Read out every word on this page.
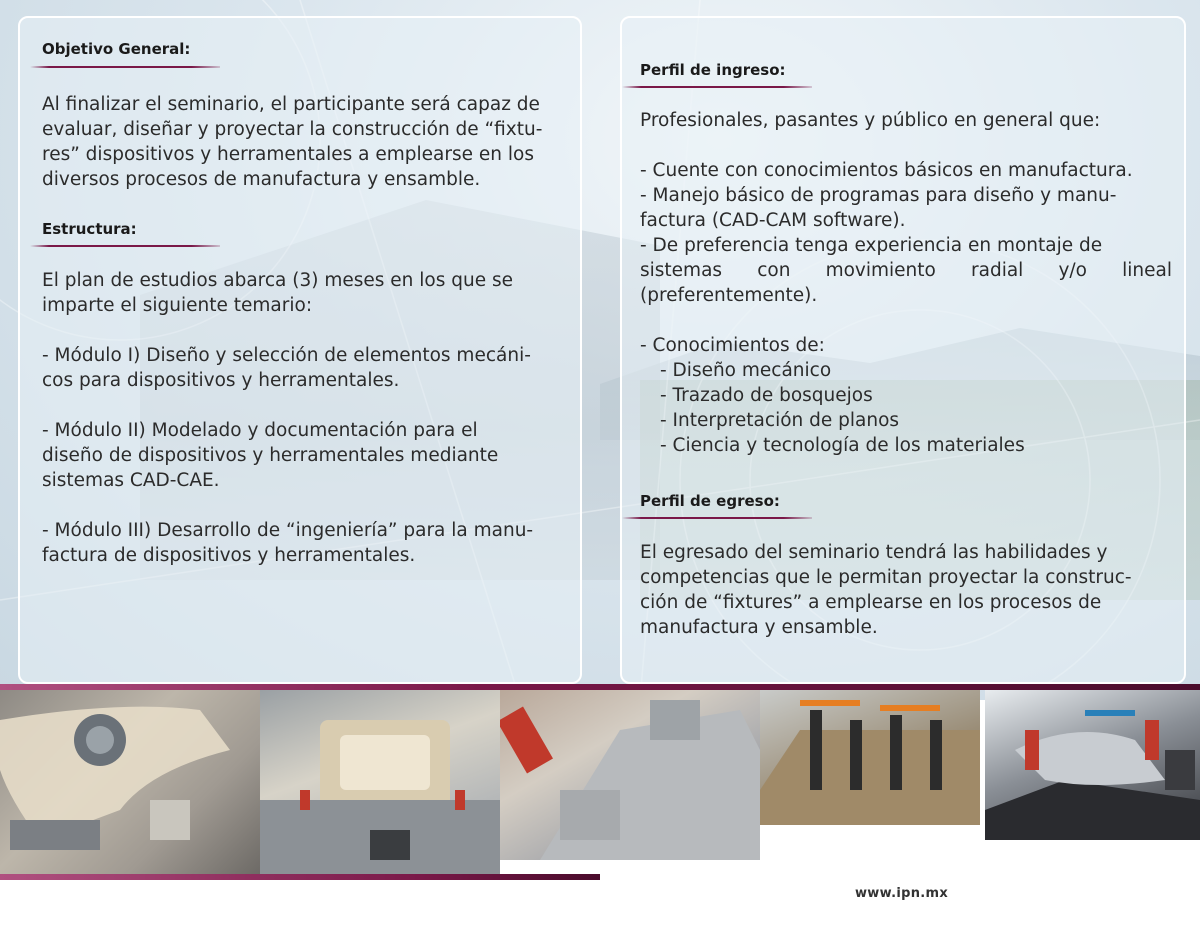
Objetivo General:

Al finalizar el seminario, el participante será capaz de

evaluar, diseñar y proyectar la construcción de “fixtu-

res” dispositivos y herramentales a emplearse en los

diversos procesos de manufactura y ensamble.

Estructura:

El plan de estudios abarca (3) meses en los que se

imparte el siguiente temario:

- Módulo I) Diseño y selección de elementos mecáni-

cos para dispositivos y herramentales.

- Módulo II) Modelado y documentación para el

diseño de dispositivos y herramentales mediante

sistemas CAD-CAE.

- Módulo III) Desarrollo de “ingeniería” para la manu-

factura de dispositivos y herramentales.

Perfil de ingreso:

Profesionales, pasantes y público en general que:

- Cuente con conocimientos básicos en manufactura.

- Manejo básico de programas para diseño y manu-

factura (CAD-CAM software).

- De preferencia tenga experiencia en montaje de

sistemas con movimiento radial y/o lineal

(preferentemente).

- Conocimientos de:

- Diseño mecánico

- Trazado de bosquejos

- Interpretación de planos

- Ciencia y tecnología de los materiales

Perfil de egreso:

El egresado del seminario tendrá las habilidades y

competencias que le permitan proyectar la construc-

ción de “fixtures” a emplearse en los procesos de

manufactura y ensamble.

www.ipn.mx
